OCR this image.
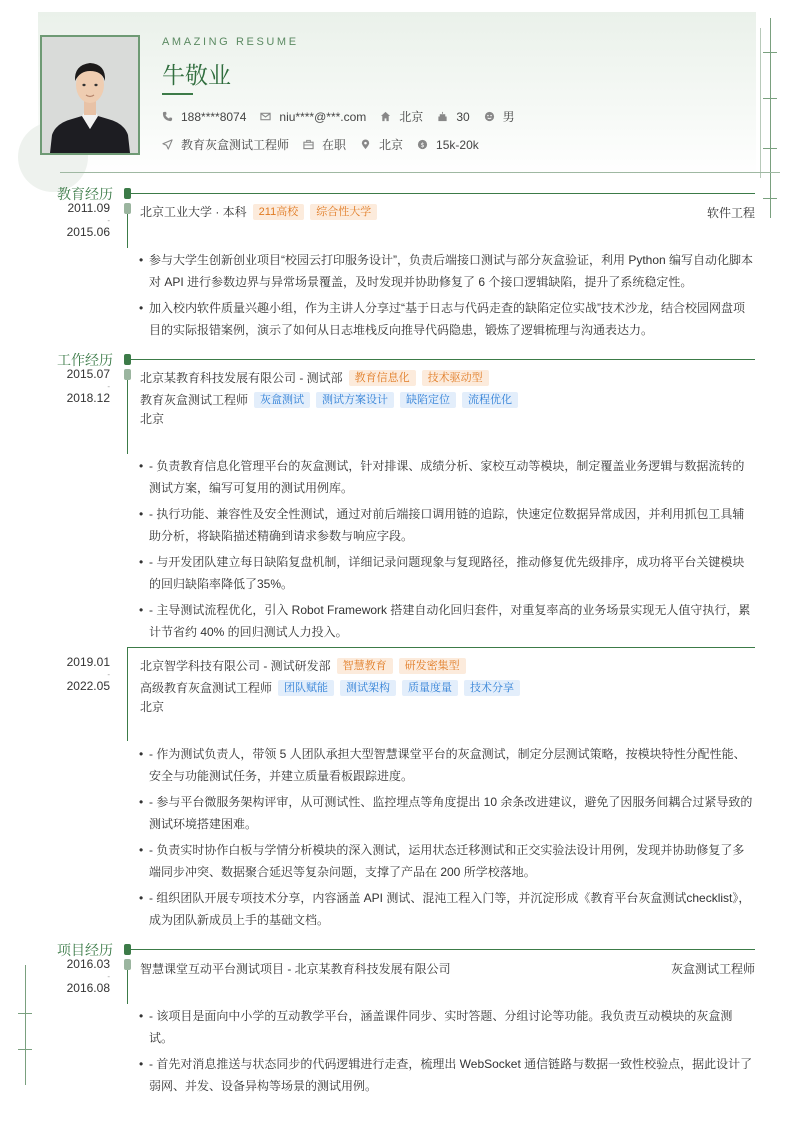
AMAZING RESUME
牛敬业
188****8074	niu****@***.com	北京	30	男
教育灰盒测试工程师	在职	北京 $ 15k-20k
教育经历
2011.09
-
2015.06
北京工业大学 · 本科	211高校	综合性大学	软件工程
• 参与大学生创新创业项目“校园云打印服务设计”，负责后端接口测试与部分灰盒验证，利用 Python 编写自动化脚本对 API 进行参数边界与异常场景覆盖，及时发现并协助修复了 6 个接口逻辑缺陷，提升了系统稳定性。
• 加入校内软件质量兴趣小组，作为主讲人分享过“基于日志与代码走查的缺陷定位实战”技术沙龙，结合校园网盘项目的实际报错案例，演示了如何从日志堆栈反向推导代码隐患，锻炼了逻辑梳理与沟通表达力。
工作经历
2015.07
-
2018.12
北京某教育科技发展有限公司 - 测试部	教育信息化	技术驱动型
教育灰盒测试工程师	灰盒测试	测试方案设计	缺陷定位	流程优化
北京
• - 负责教育信息化管理平台的灰盒测试，针对排课、成绩分析、家校互动等模块，制定覆盖业务逻辑与数据流转的测试方案，编写可复用的测试用例库。
• - 执行功能、兼容性及安全性测试，通过对前后端接口调用链的追踪，快速定位数据异常成因，并利用抓包工具辅助分析，将缺陷描述精确到请求参数与响应字段。
• - 与开发团队建立每日缺陷复盘机制，详细记录问题现象与复现路径，推动修复优先级排序，成功将平台关键模块的回归缺陷率降低了35%。
• - 主导测试流程优化，引入 Robot Framework 搭建自动化回归套件，对重复率高的业务场景实现无人值守执行，累计节省约 40% 的回归测试人力投入。
2019.01
-
2022.05
北京智学科技有限公司 - 测试研发部	智慧教育	研发密集型
高级教育灰盒测试工程师	团队赋能	测试架构	质量度量	技术分享
北京
• - 作为测试负责人，带领 5 人团队承担大型智慧课堂平台的灰盒测试，制定分层测试策略，按模块特性分配性能、安全与功能测试任务，并建立质量看板跟踪进度。
• - 参与平台微服务架构评审，从可测试性、监控埋点等角度提出 10 余条改进建议，避免了因服务间耦合过紧导致的测试环境搭建困难。
• - 负责实时协作白板与学情分析模块的深入测试，运用状态迁移测试和正交实验法设计用例，发现并协助修复了多端同步冲突、数据聚合延迟等复杂问题，支撑了产品在 200 所学校落地。
• - 组织团队开展专项技术分享，内容涵盖 API 测试、混沌工程入门等，并沉淀形成《教育平台灰盒测试checklist》，成为团队新成员上手的基础文档。
项目经历
2016.03
-
2016.08
智慧课堂互动平台测试项目 - 北京某教育科技发展有限公司	灰盒测试工程师
• - 该项目是面向中小学的互动教学平台，涵盖课件同步、实时答题、分组讨论等功能。我负责互动模块的灰盒测试。
• - 首先对消息推送与状态同步的代码逻辑进行走查，梳理出 WebSocket 通信链路与数据一致性校验点，据此设计了弱网、并发、设备异构等场景的测试用例。
